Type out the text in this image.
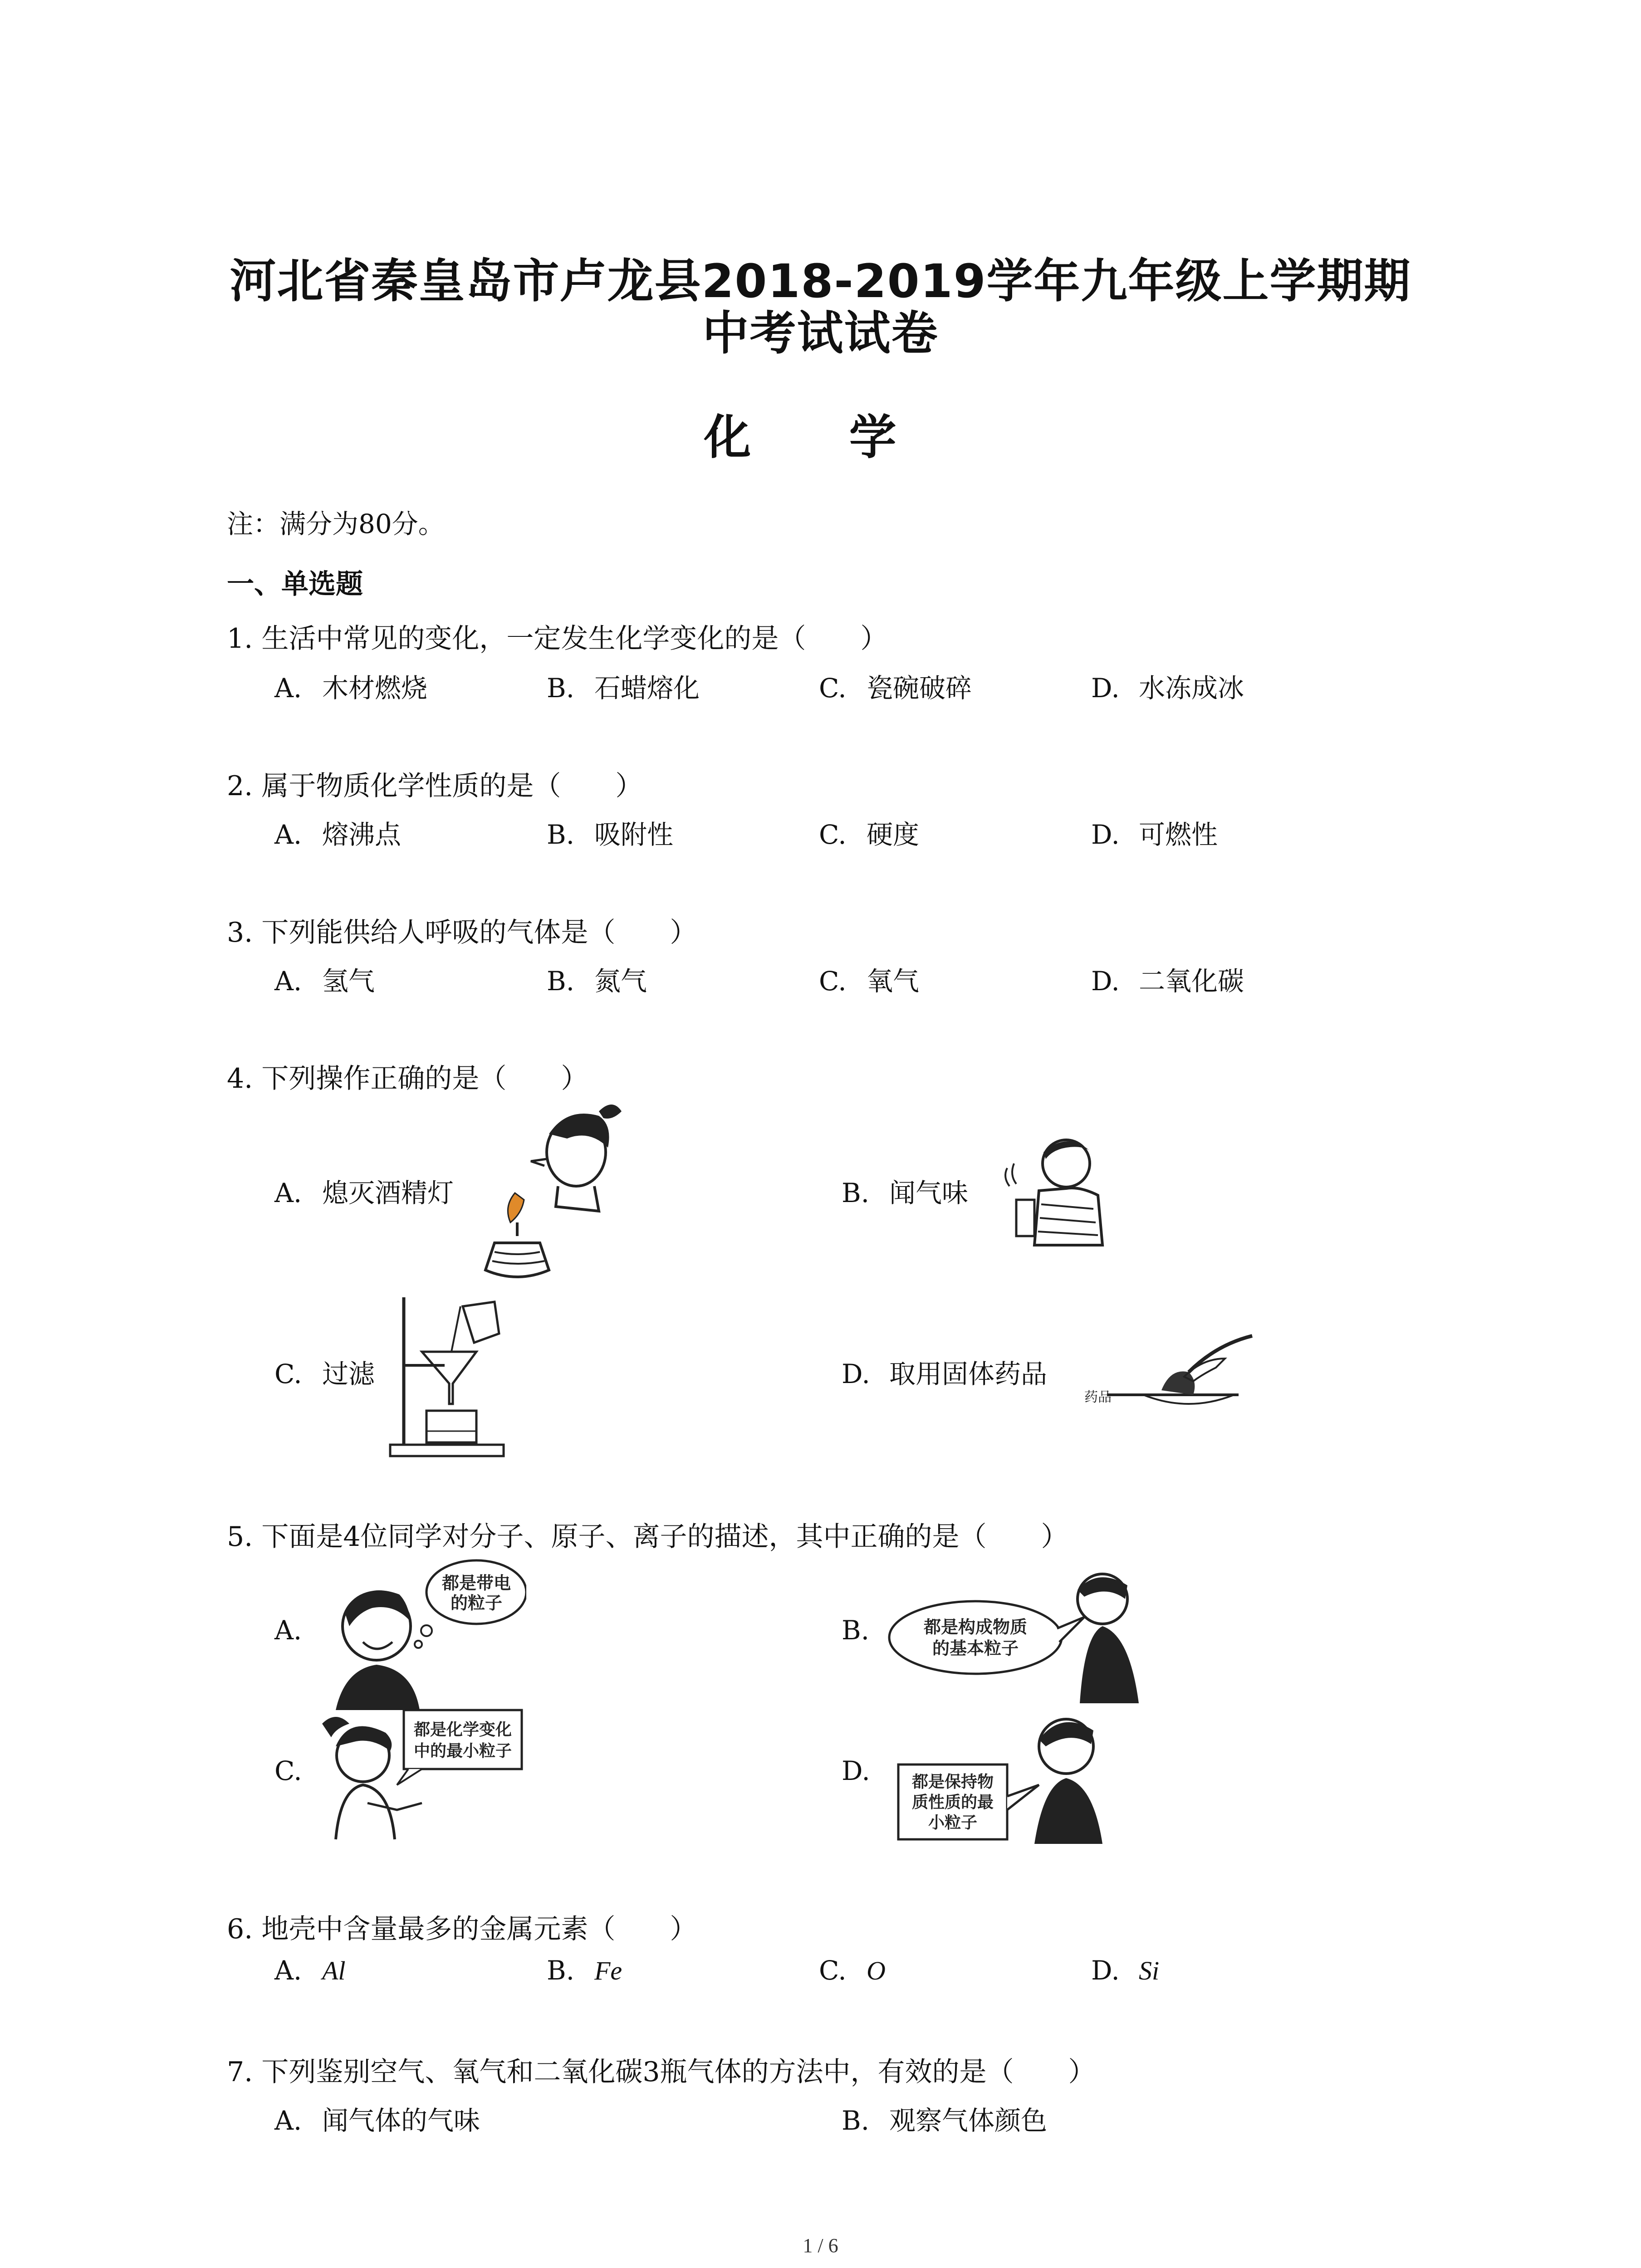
河北省秦皇岛市卢龙县2018-2019学年九年级上学期期
中考试试卷
化 学
注：满分为80分。
一、单选题
1. 生活中常见的变化，一定发生化学变化的是（　　）
A. 木材燃烧	B. 石蜡熔化	C. 瓷碗破碎	D. 水冻成冰
2. 属于物质化学性质的是（　　）
A. 熔沸点	B. 吸附性	C. 硬度	D. 可燃性
3. 下列能供给人呼吸的气体是（　　）
A. 氢气	B. 氮气	C. 氧气	D. 二氧化碳
4. 下列操作正确的是（　　）
A. 熄灭酒精灯	B. 闻气味
C. 过滤	D. 取用固体药品
药品
5. 下面是4位同学对分子、原子、离子的描述，其中正确的是（　　）
A.
都是带电
的粒子
B.	都是构成物质
的基本粒子
C.
都是化学变化
中的最小粒子
D.	都是保持物
质性质的最
小粒子
6. 地壳中含量最多的金属元素（　　）
A. Al	B. Fe	C. O	D. Si
7. 下列鉴别空气、氧气和二氧化碳3瓶气体的方法中，有效的是（　　）
A. 闻气体的气味	B. 观察气体颜色
1 / 6
